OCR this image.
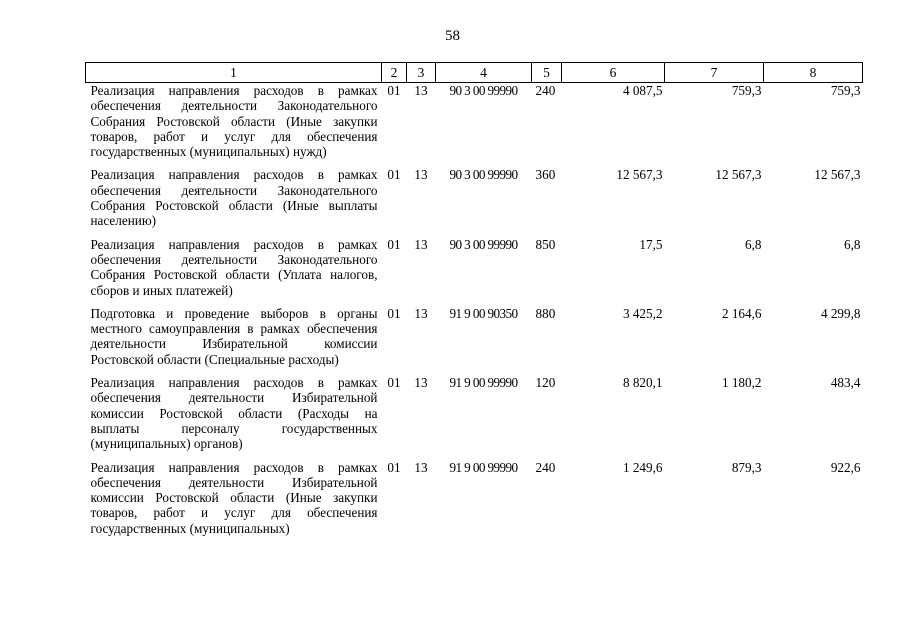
58
1	2	3	4	5	6	7	8
Реализация направления расходов в рамках обеспечения деятельности Законодательного Собрания Ростовской области (Иные закупки товаров, работ и услуг для обеспечения государственных (муниципальных) нужд)	01	13	90 3 00 99990	240	4 087,5	759,3	759,3
Реализация направления расходов в рамках обеспечения деятельности Законодательного Собрания Ростовской области (Иные выплаты населению)	01	13	90 3 00 99990	360	12 567,3	12 567,3	12 567,3
Реализация направления расходов в рамках обеспечения деятельности Законодательного Собрания Ростовской области (Уплата налогов, сборов и иных платежей)	01	13	90 3 00 99990	850	17,5	6,8	6,8
Подготовка и проведение выборов в органы местного самоуправления в рамках обеспечения деятельности Избирательной комиссии Ростовской области (Специальные расходы)	01	13	91 9 00 90350	880	3 425,2	2 164,6	4 299,8
Реализация направления расходов в рамках обеспечения деятельности Избирательной комиссии Ростовской области (Расходы на выплаты персоналу государственных (муниципальных) органов)	01	13	91 9 00 99990	120	8 820,1	1 180,2	483,4
Реализация направления расходов в рамках обеспечения деятельности Избирательной комиссии Ростовской области (Иные закупки товаров, работ и услуг для обеспечения государственных (муниципальных)	01	13	91 9 00 99990	240	1 249,6	879,3	922,6
